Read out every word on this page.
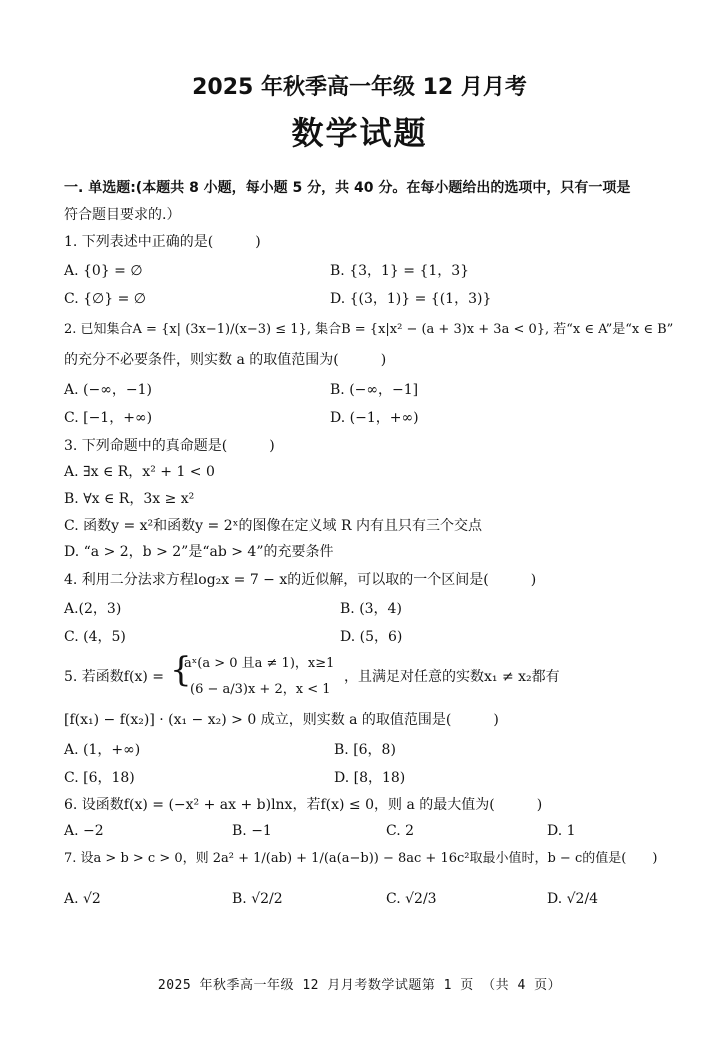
2025 年秋季高一年级 12 月月考
数学试题
一. 单选题:(本题共 8 小题，每小题 5 分，共 40 分。在每小题给出的选项中，只有一项是
符合题目要求的.）
1. 下列表述中正确的是(　　　)
A. {0} = ∅	B. {3，1} = {1，3}
C. {∅} = ∅	D. {(3，1)} = {(1，3)}
2. 已知集合A = {x| (3x−1)/(x−3) ≤ 1}, 集合B = {x|x² − (a + 3)x + 3a < 0}, 若“x ∈ A”是“x ∈ B”
的充分不必要条件，则实数 a 的取值范围为(　　　)
A. (−∞，−1)	B. (−∞，−1]
C. [−1，+∞)	D. (−1，+∞)
3. 下列命题中的真命题是(　　　)
A. ∃x ∈ R，x² + 1 < 0
B. ∀x ∈ R，3x ≥ x²
C. 函数y = x²和函数y = 2ˣ的图像在定义域 R 内有且只有三个交点
D. “a > 2，b > 2”是“ab > 4”的充要条件
4. 利用二分法求方程log₂x = 7 − x的近似解，可以取的一个区间是(　　　)
A.(2，3)	B. (3，4)
C. (4，5)	D. (5，6)
5. 若函数f(x) = {
aˣ(a > 0 且a ≠ 1)，x≥1
(6 − a/3)x + 2，x < 1
，且满足对任意的实数x₁ ≠ x₂都有
[f(x₁) − f(x₂)] · (x₁ − x₂) > 0 成立，则实数 a 的取值范围是(　　　)
A. (1，+∞)	B. [6，8)
C. [6，18)	D. [8，18)
6. 设函数f(x) = (−x² + ax + b)lnx，若f(x) ≤ 0，则 a 的最大值为(　　　)
A. −2	B. −1	C. 2	D. 1
7. 设a > b > c > 0，则 2a² + 1/(ab) + 1/(a(a−b)) − 8ac + 16c²取最小值时，b − c的值是(　　)
A. √2	B. √2/2	C. √2/3	D. √2/4
2025 年秋季高一年级 12 月月考数学试题第 1 页 （共 4 页）
